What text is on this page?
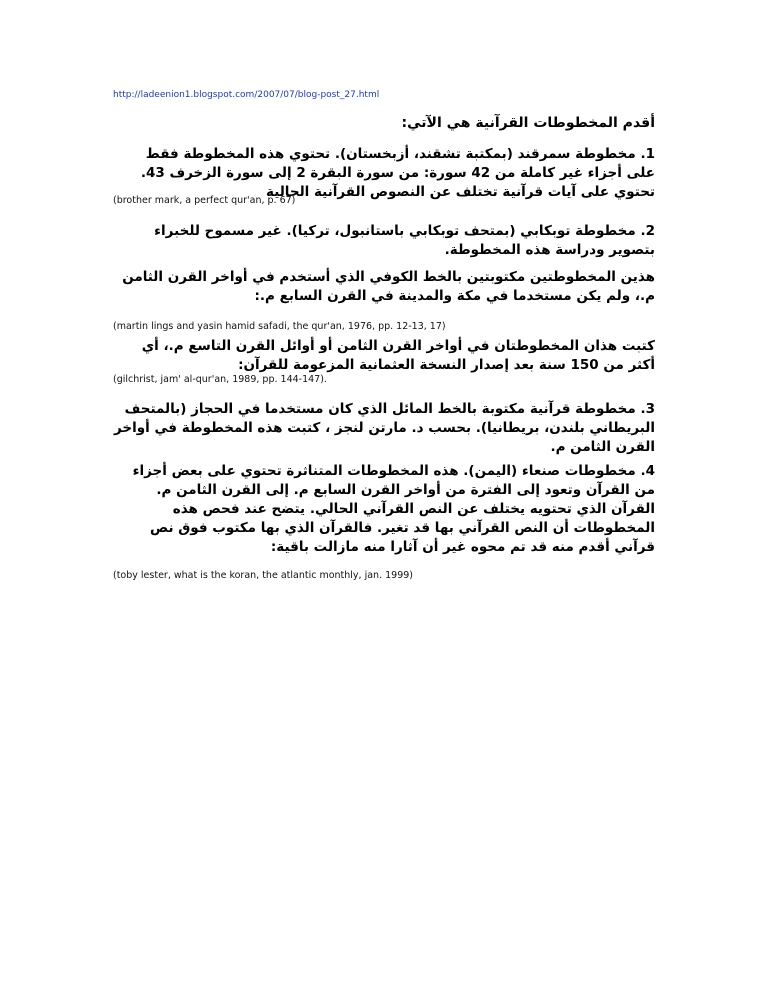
http://ladeenion1.blogspot.com/2007/07/blog-post_27.html
أقدم المخطوطات القرآنية هي الآتي:
1. مخطوطة سمرقند (بمكتبة تشقند، أزبخستان). تحتوي هذه المخطوطة فقط على أجزاء غير كاملة من 42 سورة: من سورة البقرة 2 إلى سورة الزخرف 43. تحتوي على آيات قرآنية تختلف عن النصوص القرآنية الحالية
(brother mark, a perfect qur'an, p. 67)
2. مخطوطة توبكابي (بمتحف توبكابي باستانبول، تركيا). غير مسموح للخبراء بتصوير ودراسة هذه المخطوطة.
هذين المخطوطتين مكتوبتين بالخط الكوفي الذي أستخدم في أواخر القرن الثامن م.، ولم يكن مستخدما في مكة والمدينة في القرن السابع م.:
(martin lings and yasin hamid safadi, the qur'an, 1976, pp. 12-13, 17)
كتبت هذان المخطوطتان في أواخر القرن الثامن أو أوائل القرن التاسع م.، أي أكثر من 150 سنة بعد إصدار النسخة العثمانية المزعومة للقرآن:
(gilchrist, jam' al-qur'an, 1989, pp. 144-147).
3. مخطوطة قرآنية مكتوبة بالخط المائل الذي كان مستخدما في الحجاز (بالمتحف البريطاني بلندن، بريطانيا). بحسب د. مارتن لنجز ، كتبت هذه المخطوطة في أواخر القرن الثامن م.
4. مخطوطات صنعاء (اليمن). هذه المخطوطات المتناثرة تحتوي على بعض أجزاء من القرآن وتعود إلى الفترة من أواخر القرن السابع م. إلى القرن الثامن م. القرآن الذي تحتويه يختلف عن النص القرآني الحالي. يتضح عند فحص هذه المخطوطات أن النص القرآني بها قد تغير. فالقرآن الذي بها مكتوب فوق نص قرآني أقدم منه قد تم محوه غير أن آثارا منه مازالت باقية:
(toby lester, what is the koran, the atlantic monthly, jan. 1999)
